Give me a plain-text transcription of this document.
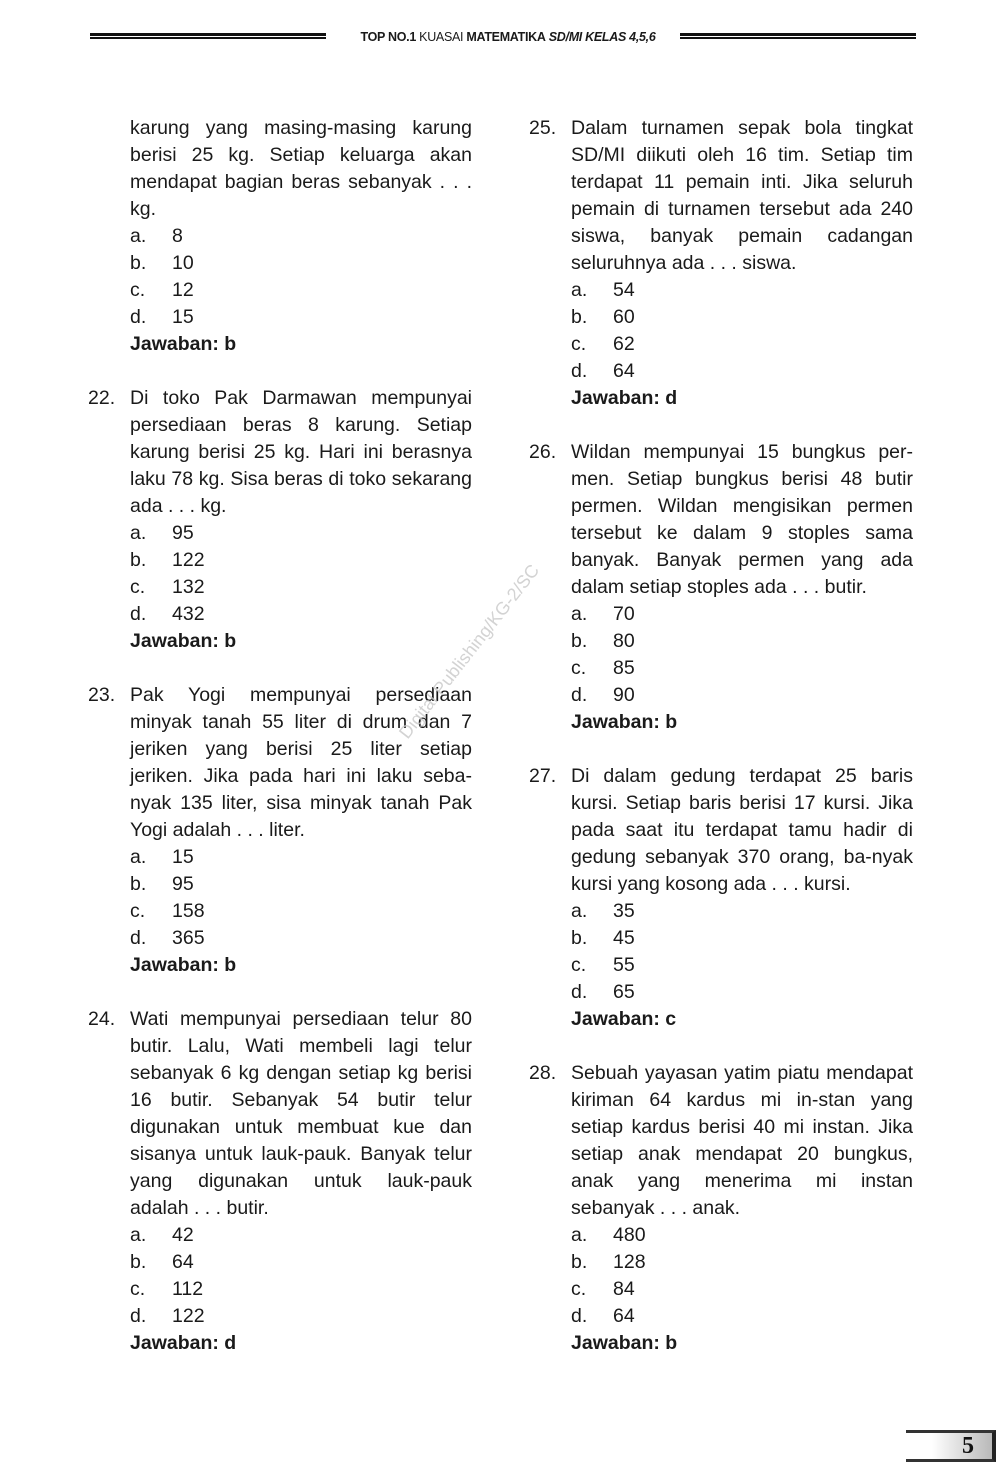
TOP NO.1 KUASAI MATEMATIKA SD/MI KELAS 4,5,6
karung yang masing-masing karung berisi 25 kg. Setiap keluarga akan mendapat bagian beras sebanyak . . . kg.
a.	8
b.	10
c.	12
d.	15
Jawaban: b
22. Di toko Pak Darmawan mempunyai persediaan beras 8 karung. Setiap karung berisi 25 kg. Hari ini berasnya laku 78 kg. Sisa beras di toko sekarang ada . . . kg.
a.	95
b.	122
c.	132
d.	432
Jawaban: b
23. Pak Yogi mempunyai persediaan minyak tanah 55 liter di drum dan 7 jeriken yang berisi 25 liter setiap jeriken. Jika pada hari ini laku seba-nyak 135 liter, sisa minyak tanah Pak Yogi adalah . . . liter.
a.	15
b.	95
c.	158
d.	365
Jawaban: b
24. Wati mempunyai persediaan telur 80 butir. Lalu, Wati membeli lagi telur sebanyak 6 kg dengan setiap kg berisi 16 butir. Sebanyak 54 butir telur digunakan untuk membuat kue dan sisanya untuk lauk-pauk. Banyak telur yang digunakan untuk lauk-pauk adalah . . . butir.
a.	42
b.	64
c.	112
d.	122
Jawaban: d
25. Dalam turnamen sepak bola tingkat SD/MI diikuti oleh 16 tim. Setiap tim terdapat 11 pemain inti. Jika seluruh pemain di turnamen tersebut ada 240 siswa, banyak pemain cadangan seluruhnya ada . . . siswa.
a.	54
b.	60
c.	62
d.	64
Jawaban: d
26. Wildan mempunyai 15 bungkus per-men. Setiap bungkus berisi 48 butir permen. Wildan mengisikan permen tersebut ke dalam 9 stoples sama banyak. Banyak permen yang ada dalam setiap stoples ada . . . butir.
a.	70
b.	80
c.	85
d.	90
Jawaban: b
27. Di dalam gedung terdapat 25 baris kursi. Setiap baris berisi 17 kursi. Jika pada saat itu terdapat tamu hadir di gedung sebanyak 370 orang, ba-nyak kursi yang kosong ada . . . kursi.
a.	35
b.	45
c.	55
d.	65
Jawaban: c
28. Sebuah yayasan yatim piatu mendapat kiriman 64 kardus mi in-stan yang setiap kardus berisi 40 mi instan. Jika setiap anak mendapat 20 bungkus, anak yang menerima mi instan sebanyak . . . anak.
a.	480
b.	128
c.	84
d.	64
Jawaban: b
Digital Publishing/KG-2/SC
5
